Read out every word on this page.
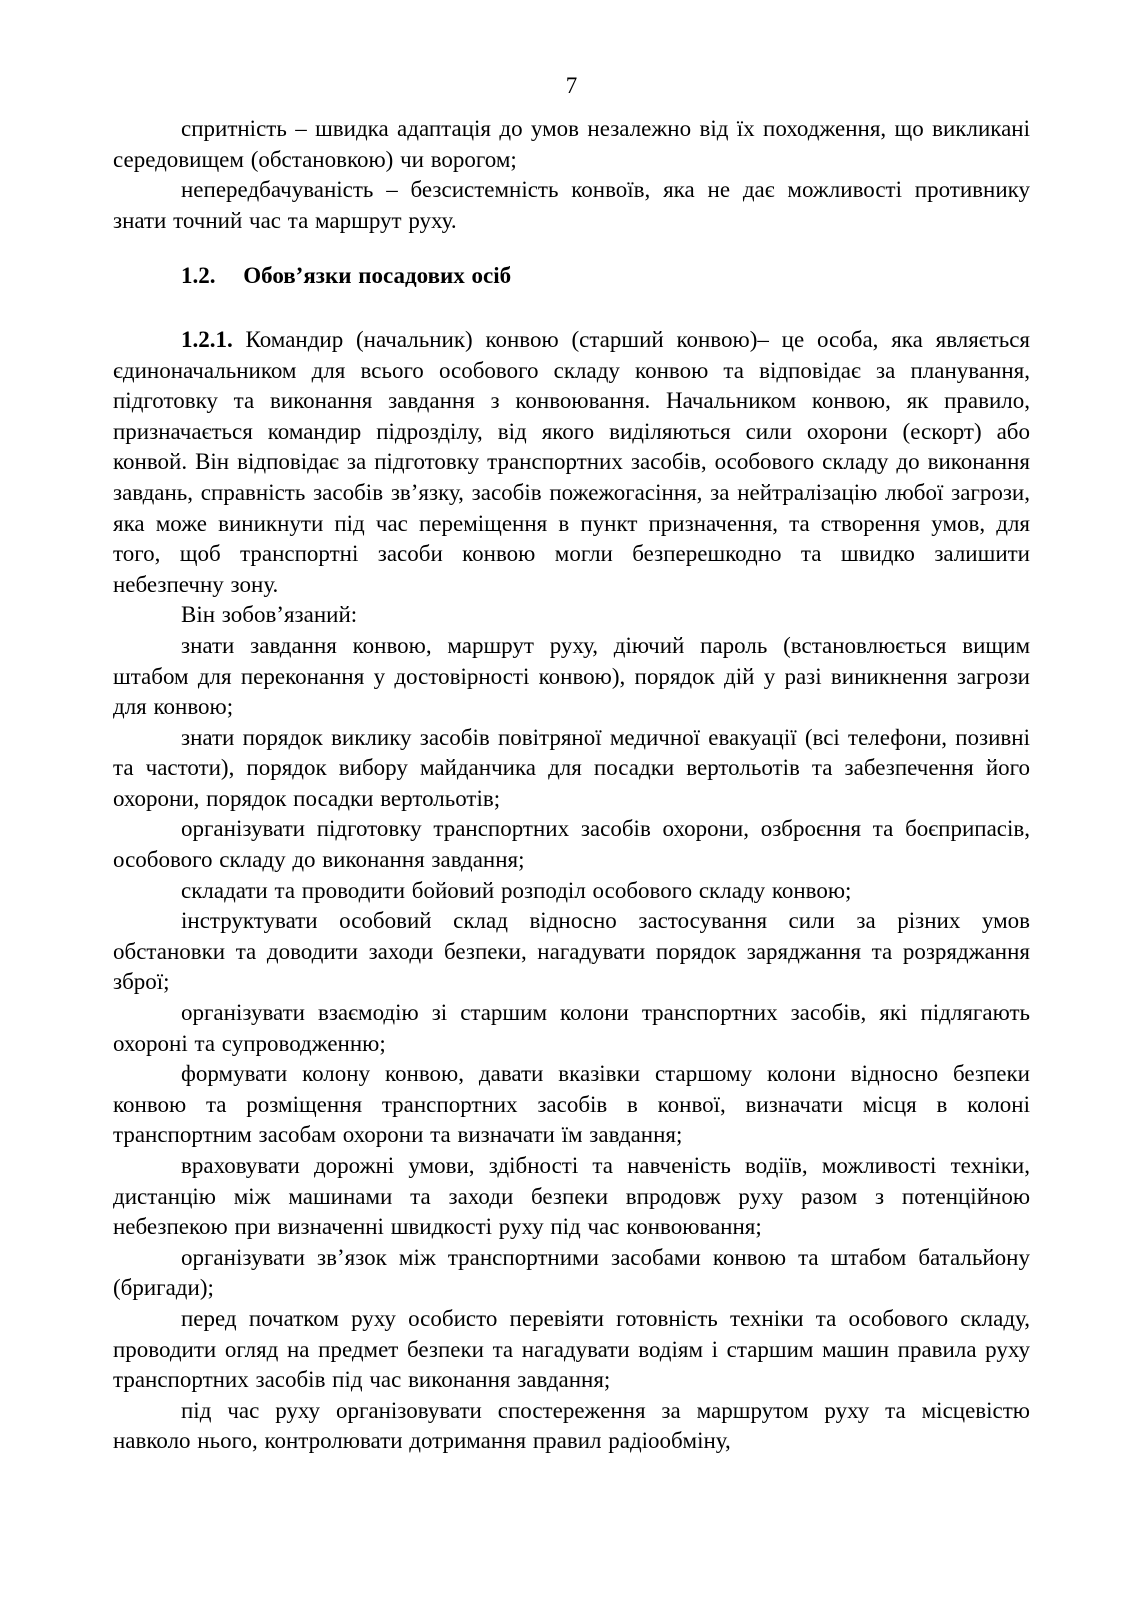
7

спритність – швидка адаптація до умов незалежно від їх походження, що викликані середовищем (обстановкою) чи ворогом;

непередбачуваність – безсистемність конвоїв, яка не дає можливості противнику знати точний час та маршрут руху.

1.2. Обов’язки посадових осіб

1.2.1. Командир (начальник) конвою (старший конвою)– це особа, яка являється єдиноначальником для всього особового складу конвою та відповідає за планування, підготовку та виконання завдання з конвоювання. Начальником конвою, як правило, призначається командир підрозділу, від якого виділяються сили охорони (ескорт) або конвой. Він відповідає за підготовку транспортних засобів, особового складу до виконання завдань, справність засобів зв’язку, засобів пожежогасіння, за нейтралізацію любої загрози, яка може виникнути під час переміщення в пункт призначення, та створення умов, для того, щоб транспортні засоби конвою могли безперешкодно та швидко залишити небезпечну зону.

Він зобов’язаний:

знати завдання конвою, маршрут руху, діючий пароль (встановлюється вищим штабом для переконання у достовірності конвою), порядок дій у разі виникнення загрози для конвою;

знати порядок виклику засобів повітряної медичної евакуації (всі телефони, позивні та частоти), порядок вибору майданчика для посадки вертольотів та забезпечення його охорони, порядок посадки вертольотів;

організувати підготовку транспортних засобів охорони, озброєння та боєприпасів, особового складу до виконання завдання;

складати та проводити бойовий розподіл особового складу конвою;

інструктувати особовий склад відносно застосування сили за різних умов обстановки та доводити заходи безпеки, нагадувати порядок заряджання та розряджання зброї;

організувати взаємодію зі старшим колони транспортних засобів, які підлягають охороні та супроводженню;

формувати колону конвою, давати вказівки старшому колони відносно безпеки конвою та розміщення транспортних засобів в конвої, визначати місця в колоні транспортним засобам охорони та визначати їм завдання;

враховувати дорожні умови, здібності та навченість водіїв, можливості техніки, дистанцію між машинами та заходи безпеки впродовж руху разом з потенційною небезпекою при визначенні швидкості руху під час конвоювання;

організувати зв’язок між транспортними засобами конвою та штабом батальйону (бригади);

перед початком руху особисто перевіяти готовність техніки та особового складу, проводити огляд на предмет безпеки та нагадувати водіям і старшим машин правила руху транспортних засобів під час виконання завдання;

під час руху організовувати спостереження за маршрутом руху та місцевістю навколо нього, контролювати дотримання правил радіообміну,
